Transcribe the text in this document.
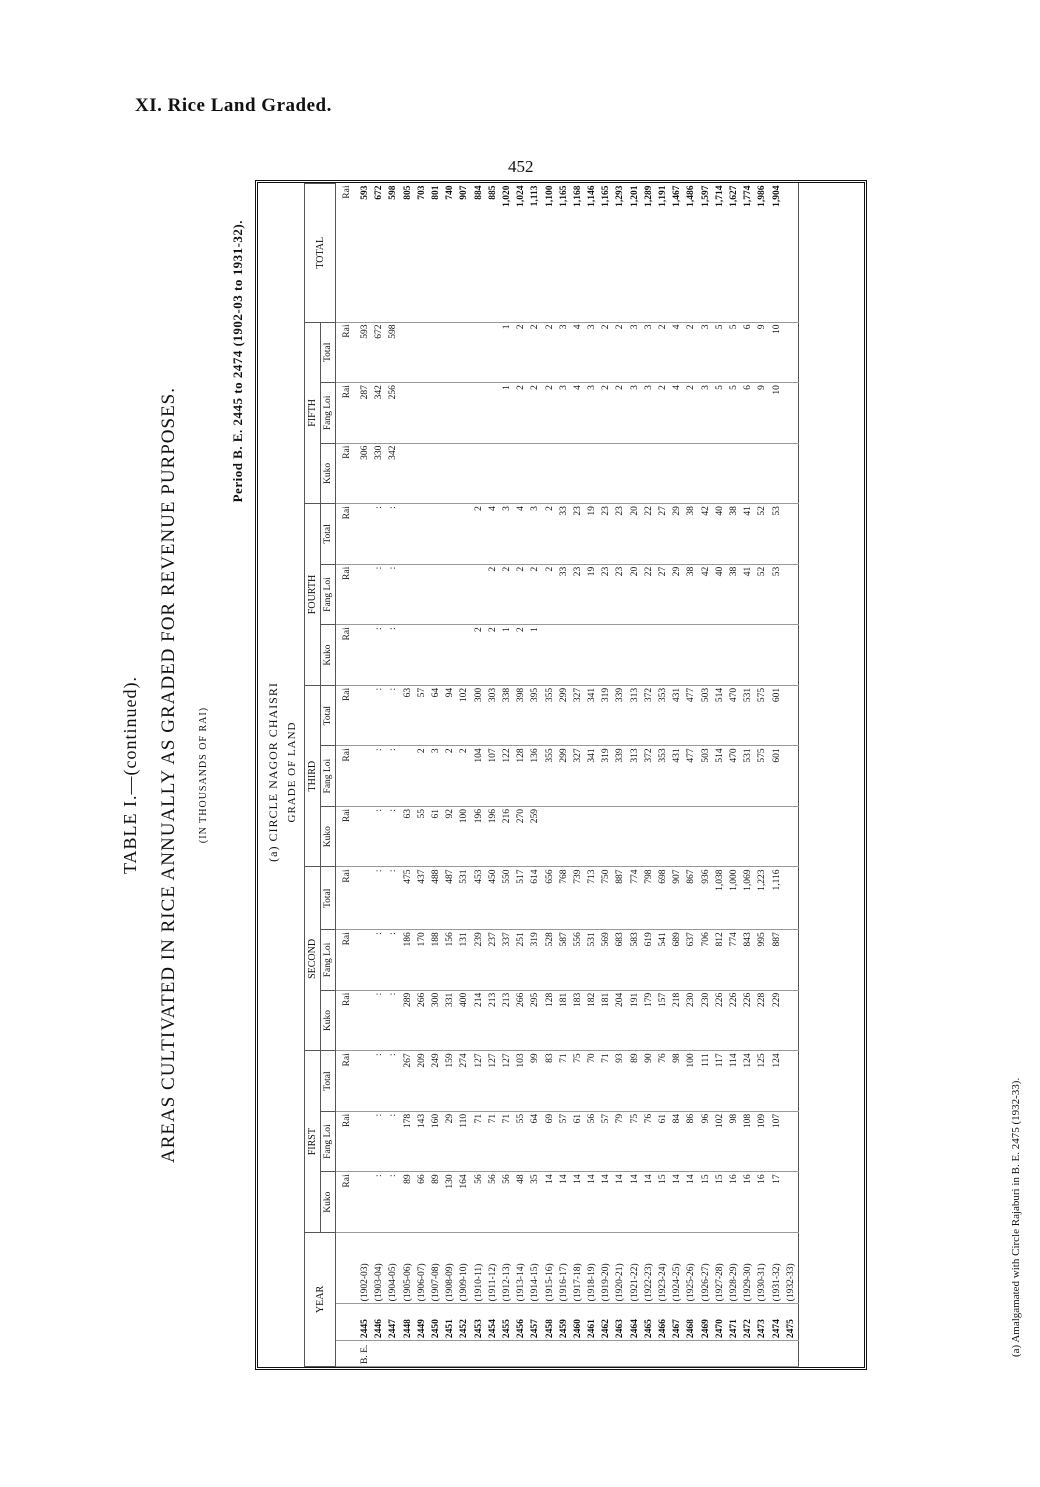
XI. Rice Land Graded.
452
TABLE I.—(continued). AREAS CULTIVATED IN RICE ANNUALLY AS GRADED FOR REVENUE PURPOSES. (IN THOUSANDS OF RAI)
Period B. E. 2445 to 2474 (1902-03 to 1931-32).
(a) CIRCLE NAGOR CHAISRI GRADE OF LAND
YEAR			FIRST			SECOND			THIRD			FOURTH			FIFTH			TOTAL
			Kuko	Fang Loi	Total	Kuko	Fang Loi	Total	Kuko	Fang Loi	Total	Kuko	Fang Loi	Total	Kuko	Fang Loi	Total	
			Rai	Rai	Rai	Rai	Rai	Rai	Rai	Rai	Rai	Rai	Rai	Rai	Rai	Rai	Rai	Rai
B. E.	2445	(1902-03)													306	287	593	593
	2446	(1903-04)	:	:	:	:	:	:	:	:	:	:	:	:	330	342	672	672
	2447	(1904-05)	:	:	:	:	:	:	:	:	:	:	:	:	342	256	598	598
	2448	(1905-06)	89	178	267	289	186	475	63		63							805
	2449	(1906-07)	66	143	209	266	170	437	55	2	57							703
	2450	(1907-08)	89	160	249	300	188	488	61	3	64							801
	2451	(1908-09)	130	29	159	331	156	487	92	2	94							740
	2452	(1909-10)	164	110	274	400	131	531	100	2	102							907
	2453	(1910-11)	56	71	127	214	239	453	196	104	300	2		2				884
	2454	(1911-12)	56	71	127	213	237	450	196	107	303	2	2	4				885
	2455	(1912-13)	56	71	127	213	337	550	216	122	338	1	2	3		1	1	1,020
	2456	(1913-14)	48	55	103	266	251	517	270	128	398	2	2	4		2	2	1,024
	2457	(1914-15)	35	64	99	295	319	614	259	136	395	1	2	3		2	2	1,113
	2458	(1915-16)	14	69	83	128	528	656		355	355		2	2		2	2	1,100
	2459	(1916-17)	14	57	71	181	587	768		299	299		33	33		3	3	1,165
	2460	(1917-18)	14	61	75	183	556	739		327	327		23	23		4	4	1,168
	2461	(1918-19)	14	56	70	182	531	713		341	341		19	19		3	3	1,146
	2462	(1919-20)	14	57	71	181	569	750		319	319		23	23		2	2	1,165
	2463	(1920-21)	14	79	93	204	683	887		339	339		23	23		2	2	1,293
	2464	(1921-22)	14	75	89	191	583	774		313	313		20	20		3	3	1,201
	2465	(1922-23)	14	76	90	179	619	798		372	372		22	22		3	3	1,289
	2466	(1923-24)	15	61	76	157	541	698		353	353		27	27		2	2	1,191
	2467	(1924-25)	14	84	98	218	689	907		431	431		29	29		4	4	1,467
	2468	(1925-26)	14	86	100	230	637	867		477	477		38	38		2	2	1,486
	2469	(1926-27)	15	96	111	230	706	936		503	503		42	42		3	3	1,597
	2470	(1927-28)	15	102	117	226	812	1,038		514	514		40	40		5	5	1,714
	2471	(1928-29)	16	98	114	226	774	1,000		470	470		38	38		5	5	1,627
	2472	(1929-30)	16	108	124	226	843	1,069		531	531		41	41		6	6	1,774
	2473	(1930-31)	16	109	125	228	995	1,223		575	575		52	52		9	9	1,986
	2474	(1931-32)	17	107	124	229	887	1,116		601	601		53	53		10	10	1,904
	2475	(1932-33)																	(a) Amalgamated with Circle Rajaburi in B. E. 2475 (1932-33).
